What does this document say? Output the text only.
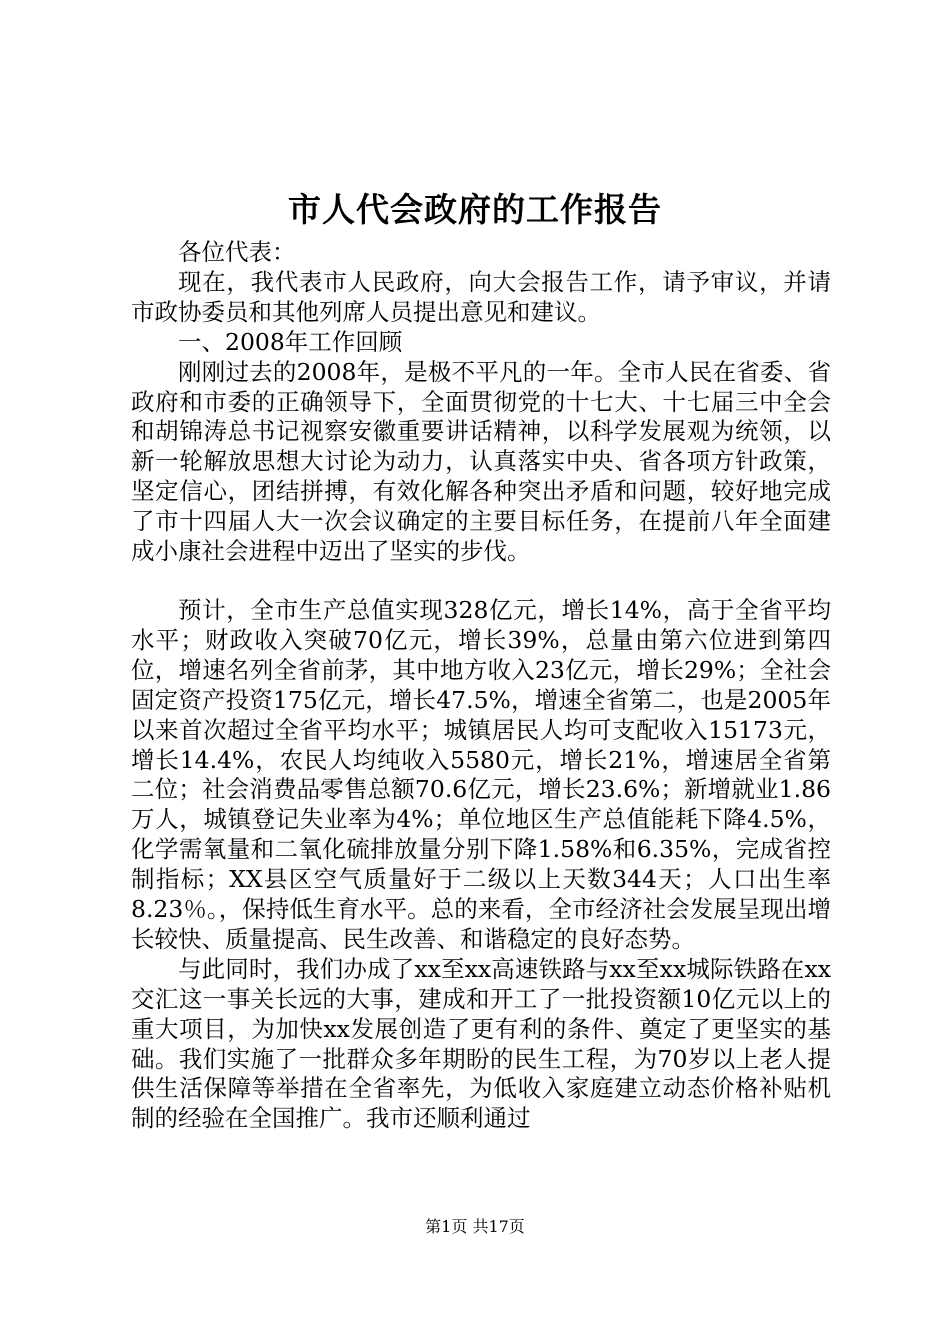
市人代会政府的工作报告

各位代表：

现在，我代表市人民政府，向大会报告工作，请予审议，并请市政协委员和其他列席人员提出意见和建议。

一、2008年工作回顾

刚刚过去的2008年，是极不平凡的一年。全市人民在省委、省政府和市委的正确领导下，全面贯彻党的十七大、十七届三中全会和胡锦涛总书记视察安徽重要讲话精神，以科学发展观为统领，以新一轮解放思想大讨论为动力，认真落实中央、省各项方针政策，坚定信心，团结拼搏，有效化解各种突出矛盾和问题，较好地完成了市十四届人大一次会议确定的主要目标任务，在提前八年全面建成小康社会进程中迈出了坚实的步伐。

预计，全市生产总值实现328亿元，增长14%，高于全省平均水平；财政收入突破70亿元，增长39%，总量由第六位进到第四位，增速名列全省前茅，其中地方收入23亿元，增长29%；全社会固定资产投资175亿元，增长47.5%，增速全省第二，也是2005年以来首次超过全省平均水平；城镇居民人均可支配收入15173元，增长14.4%，农民人均纯收入5580元，增长21%，增速居全省第二位；社会消费品零售总额70.6亿元，增长23.6%；新增就业1.86万人，城镇登记失业率为4%；单位地区生产总值能耗下降4.5%，化学需氧量和二氧化硫排放量分别下降1.58%和6.35%，完成省控制指标；XX县区空气质量好于二级以上天数344天；人口出生率8.23％。，保持低生育水平。总的来看，全市经济社会发展呈现出增长较快、质量提高、民生改善、和谐稳定的良好态势。

与此同时，我们办成了xx至xx高速铁路与xx至xx城际铁路在xx交汇这一事关长远的大事，建成和开工了一批投资额10亿元以上的重大项目，为加快xx发展创造了更有利的条件、奠定了更坚实的基础。我们实施了一批群众多年期盼的民生工程，为70岁以上老人提供生活保障等举措在全省率先，为低收入家庭建立动态价格补贴机制的经验在全国推广。我市还顺利通过

第1页 共17页
